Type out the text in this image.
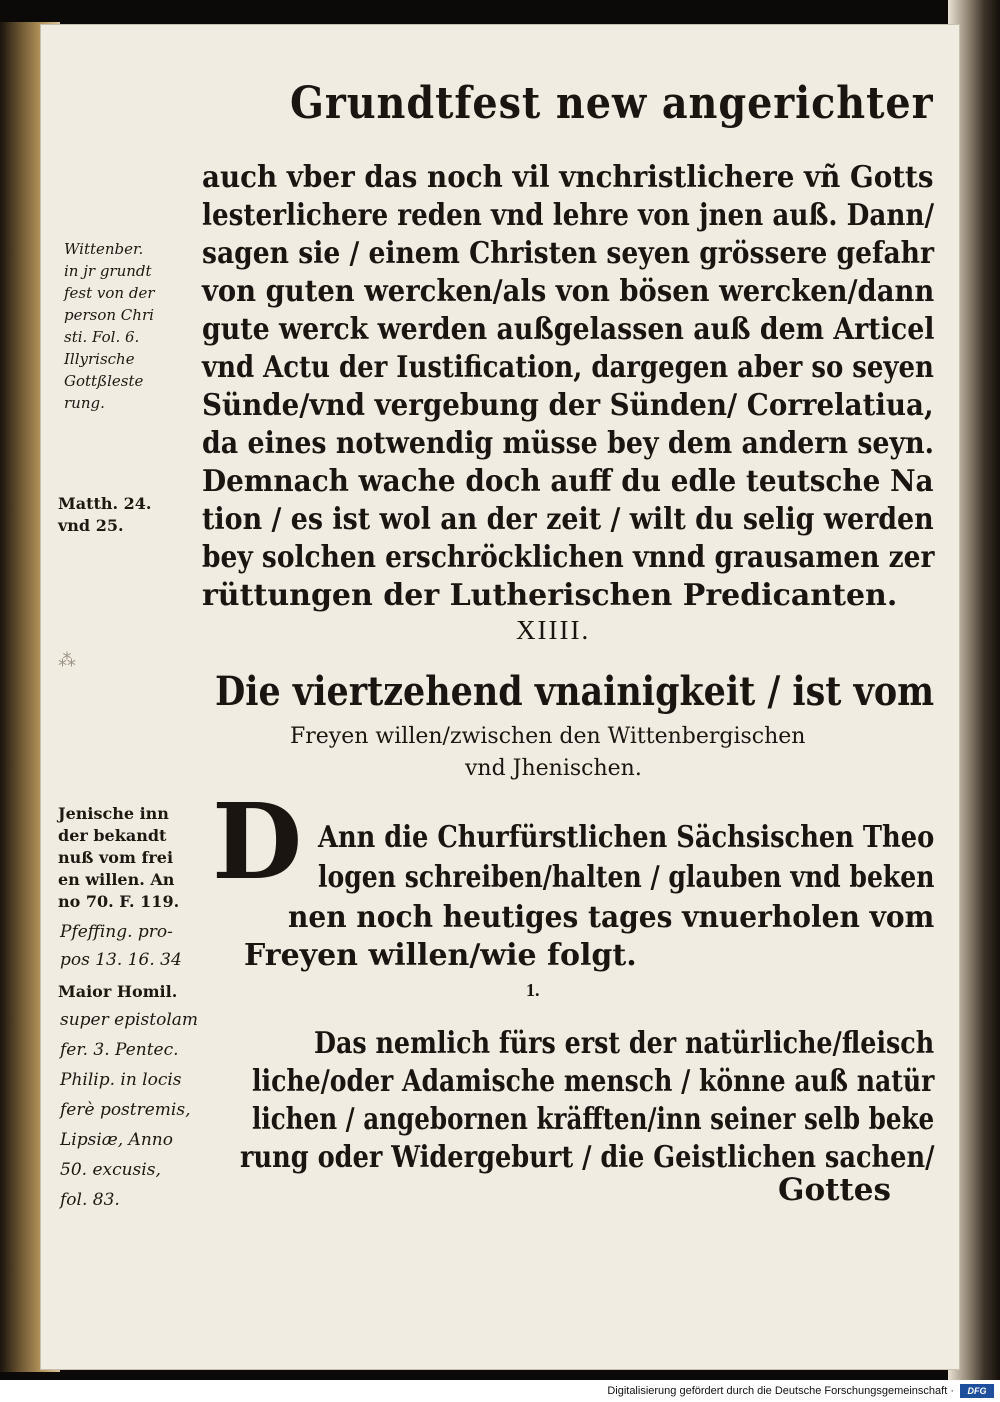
Grundtfest new angerichter
auch vber das noch vil vnchristlichere vñ Gotts
lesterlichere reden vnd lehre von jnen auß. Dann/
sagen sie / einem Christen seyen grössere gefahr
von guten wercken/als von bösen wercken/dann
gute werck werden außgelassen auß dem Articel
vnd Actu der Iustification, dargegen aber so seyen
Sünde/vnd vergebung der Sünden/ Correlatiua,
da eines notwendig müsse bey dem andern seyn.
Demnach wache doch auff du edle teutsche Na
tion / es ist wol an der zeit / wilt du selig werden
bey solchen erschröcklichen vnnd grausamen zer
rüttungen der Lutherischen Predicanten.
Wittenber.
in jr grundt
fest von der
person Chri
sti. Fol. 6.
Illyrische
Gottßleste
rung.
Matth. 24.
vnd 25.
⁂
XIIII.
Die viertzehend vnainigkeit / ist vom
Freyen willen/zwischen den Wittenbergischen
vnd Jhenischen.
D Ann die Churfürstlichen Sächsischen Theo
logen schreiben/halten / glauben vnd beken
nen noch heutiges tages vnuerholen vom
Freyen willen/wie folgt.
1.
Das nemlich fürs erst der natürliche/fleisch
liche/oder Adamische mensch / könne auß natür
lichen / angebornen kräfften/inn seiner selb beke
rung oder Widergeburt / die Geistlichen sachen/
Gottes
Jenische inn
der bekandt
nuß vom frei
en willen. An
no 70. F. 119.
Pfeffing. pro-
pos 13. 16. 34
Maior Homil.
super epistolam
fer. 3. Pentec.
Philip. in locis
ferè postremis,
Lipsiæ, Anno
50. excusis,
fol. 83.
Digitalisierung gefördert durch die Deutsche Forschungsgemeinschaft ·	DFG
